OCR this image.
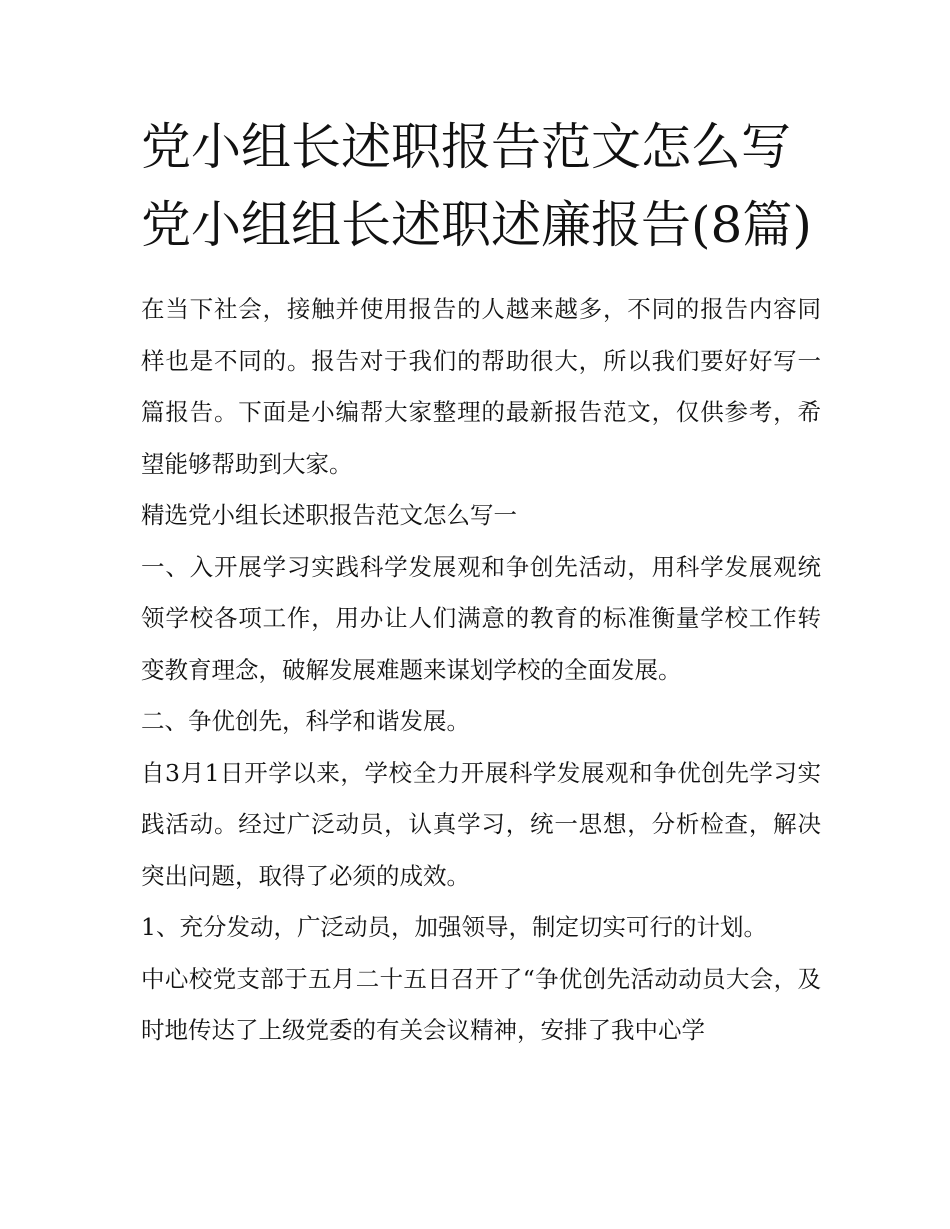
党小组长述职报告范文怎么写党小组组长述职述廉报告(8篇)

在当下社会，接触并使用报告的人越来越多，不同的报告内容同样也是不同的。报告对于我们的帮助很大，所以我们要好好写一篇报告。下面是小编帮大家整理的最新报告范文，仅供参考，希望能够帮助到大家。

精选党小组长述职报告范文怎么写一

一、入开展学习实践科学发展观和争创先活动，用科学发展观统领学校各项工作，用办让人们满意的教育的标准衡量学校工作转变教育理念，破解发展难题来谋划学校的全面发展。

二、争优创先，科学和谐发展。

自3月1日开学以来，学校全力开展科学发展观和争优创先学习实践活动。经过广泛动员，认真学习，统一思想，分析检查，解决突出问题，取得了必须的成效。

1、充分发动，广泛动员，加强领导，制定切实可行的计划。

中心校党支部于五月二十五日召开了“争优创先活动动员大会，及时地传达了上级党委的有关会议精神，安排了我中心学
